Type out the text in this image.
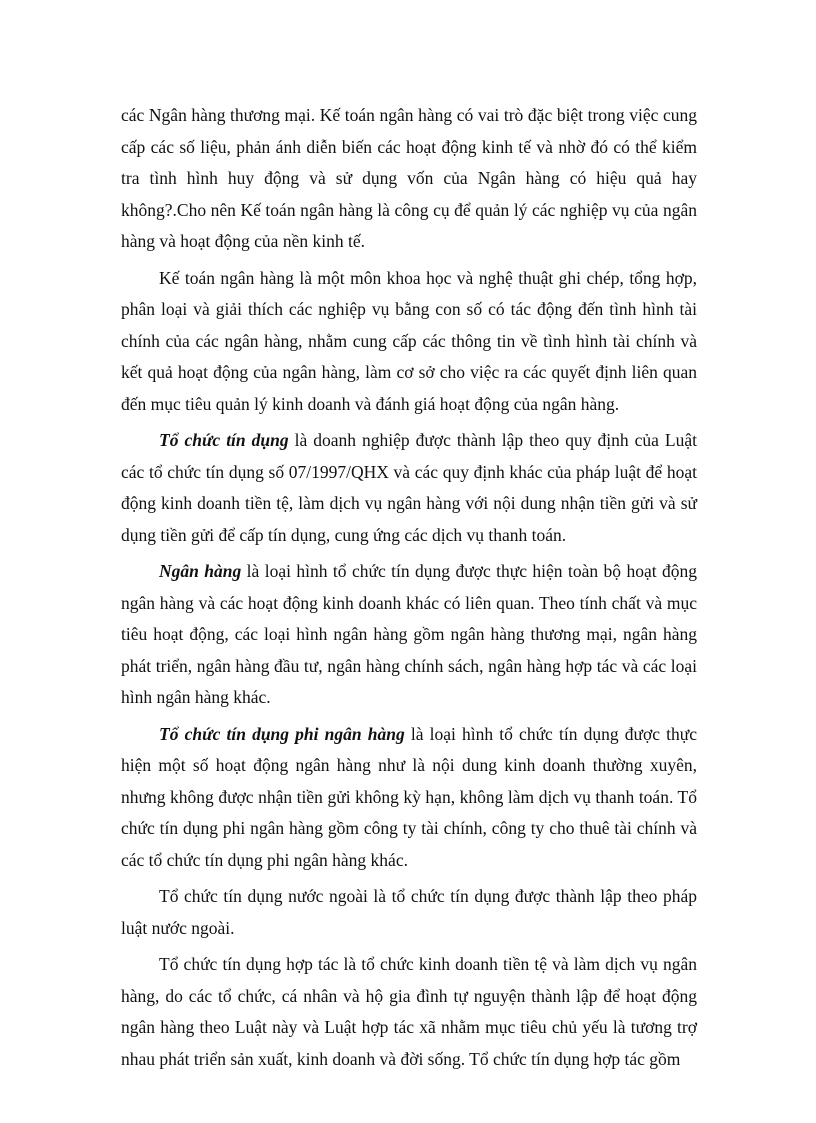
các Ngân hàng thương mại. Kế toán ngân hàng có vai trò đặc biệt trong việc cung cấp các số liệu, phản ánh diễn biến các hoạt động kinh tế và nhờ đó có thể kiểm tra tình hình huy động và sử dụng vốn của Ngân hàng có hiệu quả hay không?.Cho nên Kế toán ngân hàng là công cụ để quản lý các nghiệp vụ của ngân hàng và hoạt động của nền kinh tế.

Kế toán ngân hàng là một môn khoa học và nghệ thuật ghi chép, tổng hợp, phân loại và giải thích các nghiệp vụ bằng con số có tác động đến tình hình tài chính của các ngân hàng, nhằm cung cấp các thông tin về tình hình tài chính và kết quả hoạt động của ngân hàng, làm cơ sở cho việc ra các quyết định liên quan đến mục tiêu quản lý kinh doanh và đánh giá hoạt động của ngân hàng.

Tổ chức tín dụng là doanh nghiệp được thành lập theo quy định của Luật các tổ chức tín dụng số 07/1997/QHX và các quy định khác của pháp luật để hoạt động kinh doanh tiền tệ, làm dịch vụ ngân hàng với nội dung nhận tiền gửi và sử dụng tiền gửi để cấp tín dụng, cung ứng các dịch vụ thanh toán.

Ngân hàng là loại hình tổ chức tín dụng được thực hiện toàn bộ hoạt động ngân hàng và các hoạt động kinh doanh khác có liên quan. Theo tính chất và mục tiêu hoạt động, các loại hình ngân hàng gồm ngân hàng thương mại, ngân hàng phát triển, ngân hàng đầu tư, ngân hàng chính sách, ngân hàng hợp tác và các loại hình ngân hàng khác.

Tổ chức tín dụng phi ngân hàng là loại hình tổ chức tín dụng được thực hiện một số hoạt động ngân hàng như là nội dung kinh doanh thường xuyên, nhưng không được nhận tiền gửi không kỳ hạn, không làm dịch vụ thanh toán. Tổ chức tín dụng phi ngân hàng gồm công ty tài chính, công ty cho thuê tài chính và các tổ chức tín dụng phi ngân hàng khác.

Tổ chức tín dụng nước ngoài là tổ chức tín dụng được thành lập theo pháp luật nước ngoài.

Tổ chức tín dụng hợp tác là tổ chức kinh doanh tiền tệ và làm dịch vụ ngân hàng, do các tổ chức, cá nhân và hộ gia đình tự nguyện thành lập để hoạt động ngân hàng theo Luật này và Luật hợp tác xã nhằm mục tiêu chủ yếu là tương trợ nhau phát triển sản xuất, kinh doanh và đời sống. Tổ chức tín dụng hợp tác gồm
